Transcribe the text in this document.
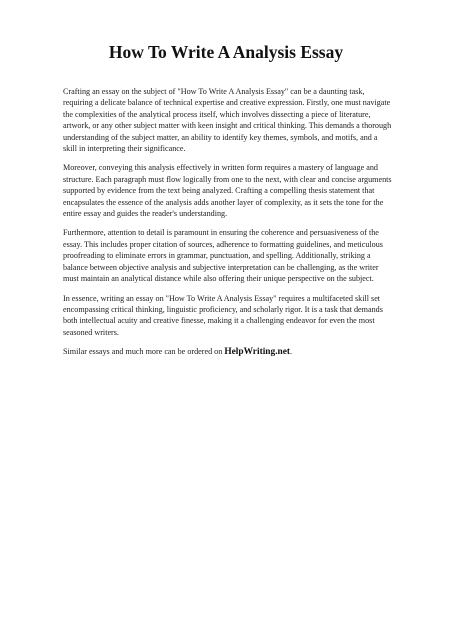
How To Write A Analysis Essay

Crafting an essay on the subject of "How To Write A Analysis Essay" can be a daunting task, requiring a delicate balance of technical expertise and creative expression. Firstly, one must navigate the complexities of the analytical process itself, which involves dissecting a piece of literature, artwork, or any other subject matter with keen insight and critical thinking. This demands a thorough understanding of the subject matter, an ability to identify key themes, symbols, and motifs, and a skill in interpreting their significance.

Moreover, conveying this analysis effectively in written form requires a mastery of language and structure. Each paragraph must flow logically from one to the next, with clear and concise arguments supported by evidence from the text being analyzed. Crafting a compelling thesis statement that encapsulates the essence of the analysis adds another layer of complexity, as it sets the tone for the entire essay and guides the reader's understanding.

Furthermore, attention to detail is paramount in ensuring the coherence and persuasiveness of the essay. This includes proper citation of sources, adherence to formatting guidelines, and meticulous proofreading to eliminate errors in grammar, punctuation, and spelling. Additionally, striking a balance between objective analysis and subjective interpretation can be challenging, as the writer must maintain an analytical distance while also offering their unique perspective on the subject.

In essence, writing an essay on "How To Write A Analysis Essay" requires a multifaceted skill set encompassing critical thinking, linguistic proficiency, and scholarly rigor. It is a task that demands both intellectual acuity and creative finesse, making it a challenging endeavor for even the most seasoned writers.

Similar essays and much more can be ordered on HelpWriting.net.
